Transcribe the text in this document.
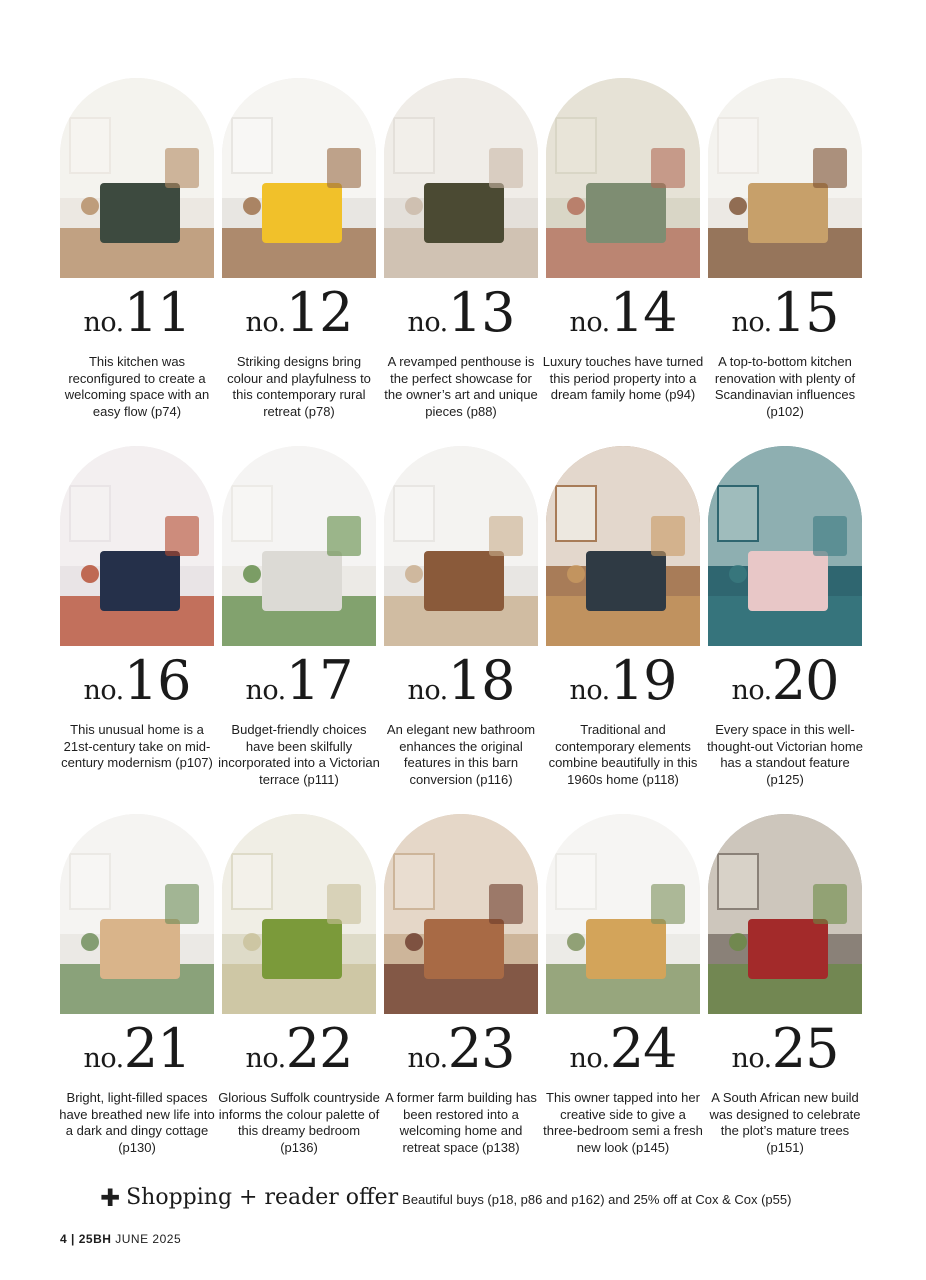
no.11
This kitchen was reconfigured to create a welcoming space with an easy flow (p74)
no.12
Striking designs bring colour and playfulness to this contemporary rural retreat (p78)
no.13
A revamped penthouse is the perfect showcase for the owner’s art and unique pieces (p88)
no.14
Luxury touches have turned this period property into a dream family home (p94)
no.15
A top-to-bottom kitchen renovation with plenty of Scandinavian influences (p102)
no.16
This unusual home is a 21st-century take on mid-century modernism (p107)
no.17
Budget-friendly choices have been skilfully incorporated into a Victorian terrace (p111)
no.18
An elegant new bathroom enhances the original features in this barn conversion (p116)
no.19
Traditional and contemporary elements combine beautifully in this 1960s home (p118)
no.20
Every space in this well-thought-out Victorian home has a standout feature (p125)
no.21
Bright, light-filled spaces have breathed new life into a dark and dingy cottage (p130)
no.22
Glorious Suffolk countryside informs the colour palette of this dreamy bedroom (p136)
no.23
A former farm building has been restored into a welcoming home and retreat space (p138)
no.24
This owner tapped into her creative side to give a three-bedroom semi a fresh new look (p145)
no.25
A South African new build was designed to celebrate the plot’s mature trees (p151)
✚ Shopping + reader offer Beautiful buys (p18, p86 and p162) and 25% off at Cox & Cox (p55)
4 | 25BH JUNE 2025
